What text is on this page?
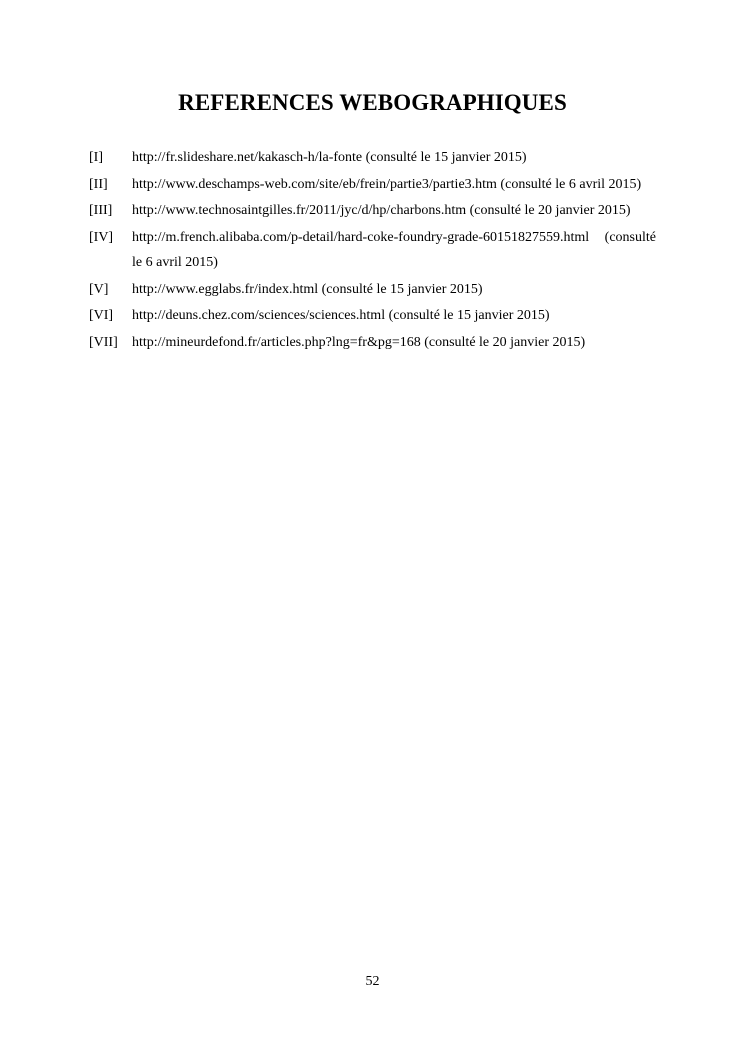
REFERENCES WEBOGRAPHIQUES
[I]	http://fr.slideshare.net/kakasch-h/la-fonte (consulté le 15 janvier 2015)
[II]	http://www.deschamps-web.com/site/eb/frein/partie3/partie3.htm (consulté le 6 avril 2015)
[III]	http://www.technosaintgilles.fr/2011/jyc/d/hp/charbons.htm (consulté le 20 janvier 2015)
[IV]	http://m.french.alibaba.com/p-detail/hard-coke-foundry-grade-60151827559.html (consulté le 6 avril 2015)
[V]	http://www.egglabs.fr/index.html (consulté le 15 janvier 2015)
[VI]	http://deuns.chez.com/sciences/sciences.html (consulté le 15 janvier 2015)
[VII]	http://mineurdefond.fr/articles.php?lng=fr&pg=168 (consulté le 20 janvier 2015)
52
